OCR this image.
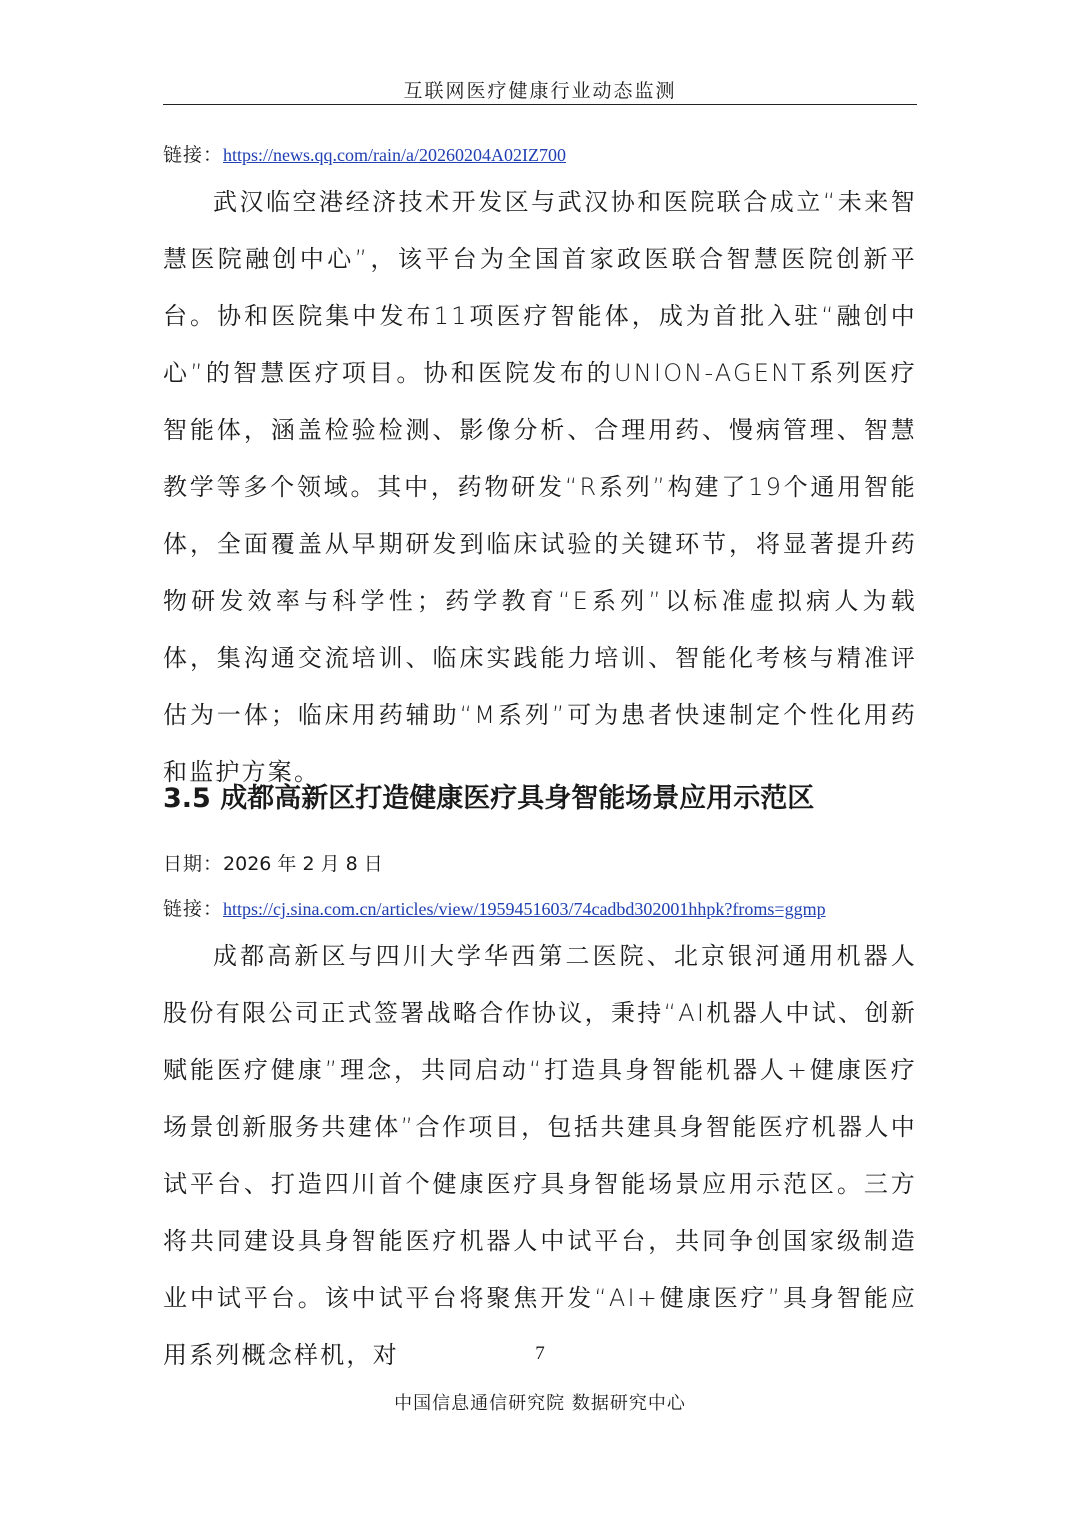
互联网医疗健康行业动态监测
链接：https://news.qq.com/rain/a/20260204A02IZ700

武汉临空港经济技术开发区与武汉协和医院联合成立“未来智慧医院融创中心”，该平台为全国首家政医联合智慧医院创新平台。协和医院集中发布11项医疗智能体，成为首批入驻“融创中心”的智慧医疗项目。协和医院发布的UNION-AGENT系列医疗智能体，涵盖检验检测、影像分析、合理用药、慢病管理、智慧教学等多个领域。其中，药物研发“R系列”构建了19个通用智能体，全面覆盖从早期研发到临床试验的关键环节，将显著提升药物研发效率与科学性；药学教育“E系列”以标准虚拟病人为载体，集沟通交流培训、临床实践能力培训、智能化考核与精准评估为一体；临床用药辅助“M系列”可为患者快速制定个性化用药和监护方案。

3.5 成都高新区打造健康医疗具身智能场景应用示范区
日期：2026 年 2 月 8 日
链接：https://cj.sina.com.cn/articles/view/1959451603/74cadbd302001hhpk?froms=ggmp

成都高新区与四川大学华西第二医院、北京银河通用机器人股份有限公司正式签署战略合作协议，秉持“AI机器人中试、创新赋能医疗健康”理念，共同启动“打造具身智能机器人+健康医疗场景创新服务共建体”合作项目，包括共建具身智能医疗机器人中试平台、打造四川首个健康医疗具身智能场景应用示范区。三方将共同建设具身智能医疗机器人中试平台，共同争创国家级制造业中试平台。该中试平台将聚焦开发“AI+健康医疗”具身智能应用系列概念样机，对	7
中国信息通信研究院 数据研究中心
